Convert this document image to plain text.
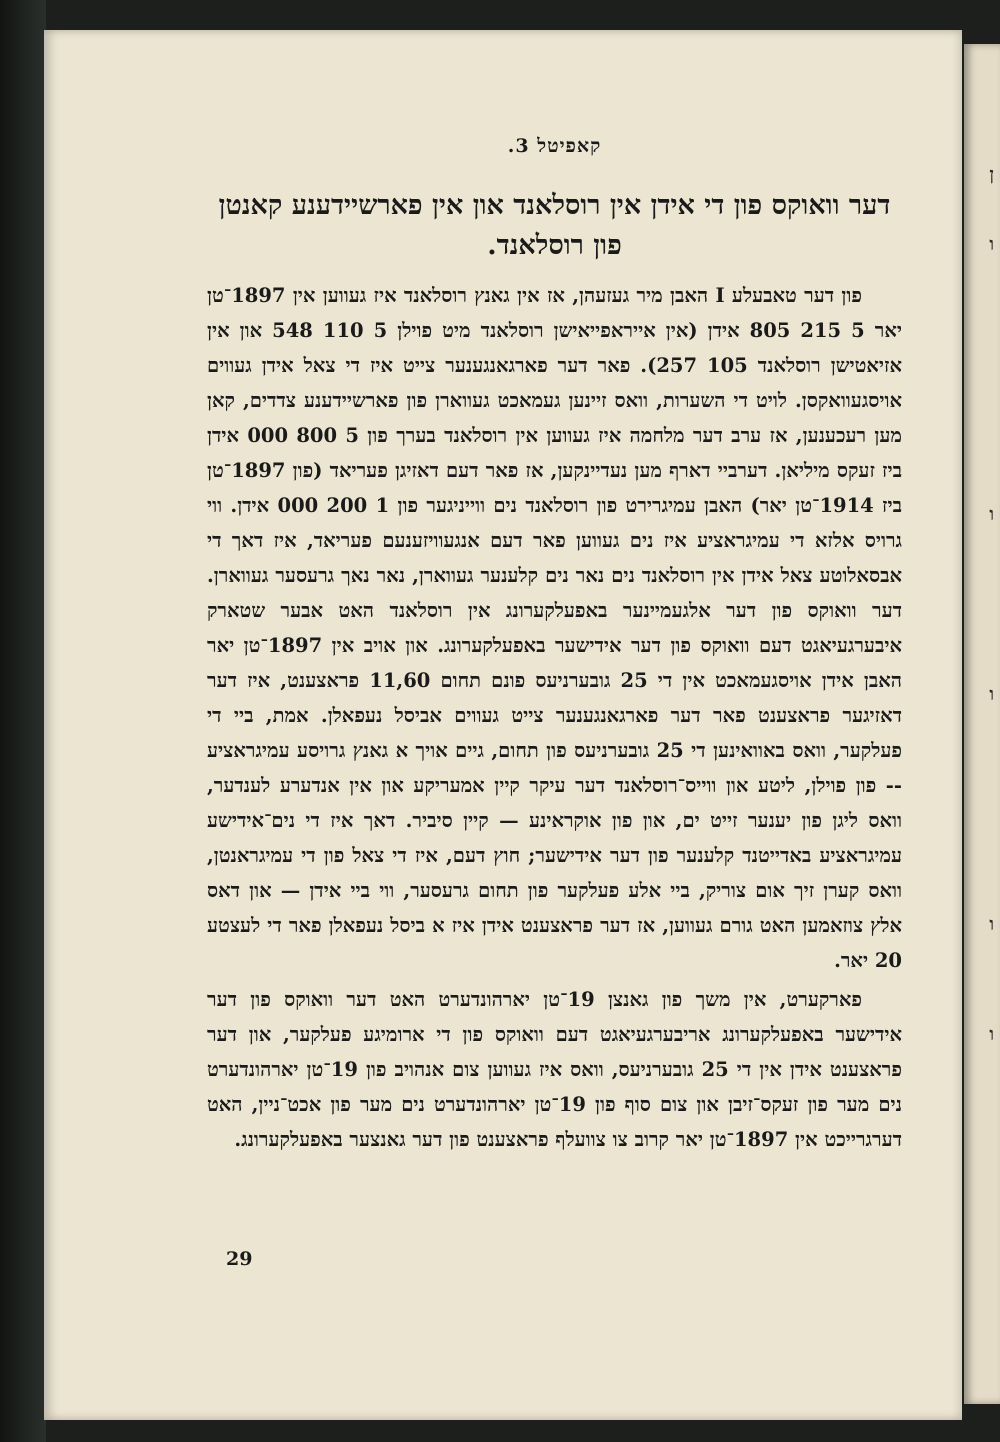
ן
ו
ו
ו
ו
ו
קאפיטל 3.
דער וואוקס פון די אידן אין רוסלאנד און אין פארשיידענע קאנטן פון רוסלאנד.

פון דער טאבעלע I האבן מיר געזעהן, אז אין גאנץ רוסלאנד איז געווען אין 1897־טן יאר 5 215 805 אידן (אין אייראפייאישן רוסלאנד מיט פוילן 5 110 548 און אין אזיאטישן רוסלאנד 105 257). פאר דער פארגאנגענער צייט איז די צאל אידן געווים אויסגעוואקסן. לויט די השערות, וואס זיינען געמאכט געווארן פון פארשיידענע צדדים, קאן מען רעכענען, אז ערב דער מלחמה איז געווען אין רוסלאנד בערך פון 5 800 000 אידן ביז זעקס מיליאן. דערביי דארף מען נעדיינקען, אז פאר דעם דאזיגן פעריאד (פון 1897־טן ביז 1914־טן יאר) האבן עמיגרירט פון רוסלאנד נים ווייניגער פון 1 200 000 אידן. ווי גרויס אלזא די עמיגראציע איז נים געווען פאר דעם אנגעוויזענעם פעריאד, איז דאך די אבסאלוטע צאל אידן אין רוסלאנד נים נאר נים קלענער געווארן, נאר נאך גרעסער געווארן. דער וואוקס פון דער אלגעמיינער באפעלקערונג אין רוסלאנד האט אבער שטארק איבערגעיאגט דעם וואוקס פון דער אידישער באפעלקערונג. און אויב אין 1897־טן יאר האבן אידן אויסגעמאכט אין די 25 גובערניעס פונם תחום 11,60 פראצענט, איז דער דאזיגער פראצענט פאר דער פארגאנגענער צייט געווים אביסל נעפאלן. אמת, ביי די פעלקער, וואס באוואינען די 25 גובערניעס פון תחום, גיים אויך א גאנץ גרויסע עמיגראציע -- פון פוילן, ליטע און ווייס־רוסלאנד דער עיקר קיין אמעריקע און אין אנדערע לענדער, וואס ליגן פון יענער זייט ים, און פון אוקראינע — קיין סיביר. דאך איז די נים־אידישע עמיגראציע באדייטנד קלענער פון דער אידישער; חוץ דעם, איז די צאל פון די עמיגראנטן, וואס קערן זיך אום צוריק, ביי אלע פעלקער פון תחום גרעסער, ווי ביי אידן — און דאס אלץ צוזאמען האט גורם געווען, אז דער פראצענט אידן איז א ביסל נעפאלן פאר די לעצטע 20 יאר.

פארקערט, אין משך פון גאנצן 19־טן יארהונדערט האט דער וואוקס פון דער אידישער באפעלקערונג אריבערגעיאגט דעם וואוקס פון די ארומיגע פעלקער, און דער פראצענט אידן אין די 25 גובערניעס, וואס איז געווען צום אנהויב פון 19־טן יארהונדערט נים מער פון זעקס־זיבן און צום סוף פון 19־טן יארהונדערט נים מער פון אכט־ניין, האט דערגרייכט אין 1897־טן יאר קרוב צו צוועלף פראצענט פון דער גאנצער באפעלקערונג.

29
